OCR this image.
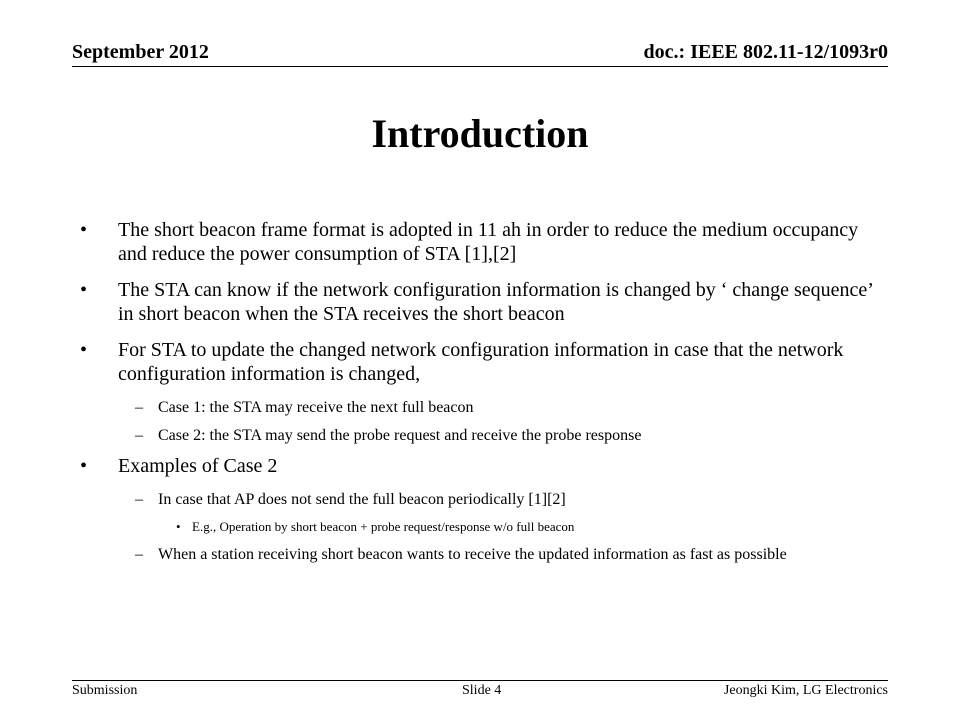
September 2012	doc.: IEEE 802.11-12/1093r0
Introduction
• The short beacon frame format is adopted in 11 ah in order to reduce the medium occupancy and reduce the power consumption of STA [1],[2]
• The STA can know if the network configuration information is changed by ‘ change sequence’ in short beacon when the STA receives the short beacon
• For STA to update the changed network configuration information in case that the network configuration information is changed,
– Case 1: the STA may receive the next full beacon
– Case 2: the STA may send the probe request and receive the probe response
• Examples of Case 2
– In case that AP does not send the full beacon periodically [1][2]
• E.g., Operation by short beacon + probe request/response w/o full beacon
– When a station receiving short beacon wants to receive the updated information as fast as possible
Submission	Slide 4	Jeongki Kim, LG Electronics
